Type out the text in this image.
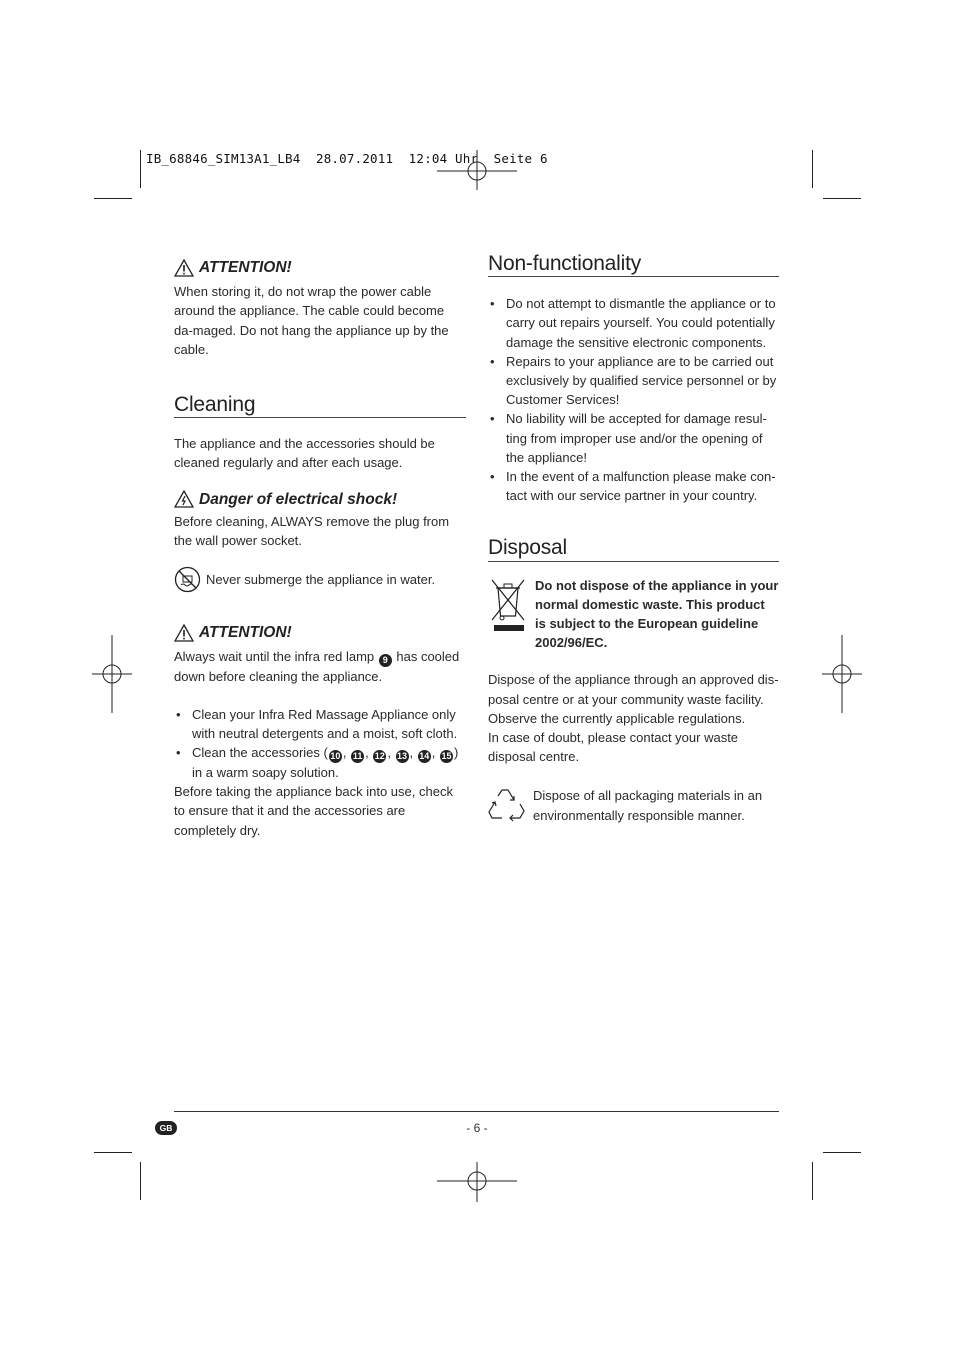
IB_68846_SIM13A1_LB4  28.07.2011  12:04 Uhr  Seite 6
ATTENTION!

When storing it, do not wrap the power cable around the appliance. The cable could become da-maged. Do not hang the appliance up by the cable.

Cleaning

The appliance and the accessories should be cleaned regularly and after each usage.

Danger of electrical shock!

Before cleaning, ALWAYS remove the plug from the wall power socket.

Never submerge the appliance in water.
ATTENTION!

Always wait until the infra red lamp 9 has cooled down before cleaning the appliance.

• Clean your Infra Red Massage Appliance only with neutral detergents and a moist, soft cloth.
• Clean the accessories ( 10 , 11 , 12 , 13 , 14 , 15 ) in a warm soapy solution.

Before taking the appliance back into use, check to ensure that it and the accessories are completely dry.

Non-functionality
• Do not attempt to dismantle the appliance or to carry out repairs yourself. You could potentially damage the sensitive electronic components.
• Repairs to your appliance are to be carried out exclusively by qualified service personnel or by Customer Services!
• No liability will be accepted for damage resul-ting from improper use and/or the opening of the appliance!
• In the event of a malfunction please make con-tact with our service partner in your country.
Disposal

Do not dispose of the appliance in your normal domestic waste. This product is subject to the European guideline 2002/96/EC.

Dispose of the appliance through an approved dis-posal centre or at your community waste facility. Observe the currently applicable regulations.

In case of doubt, please contact your waste disposal centre.

Dispose of all packaging materials in an environmentally responsible manner.

GB	- 6 -
